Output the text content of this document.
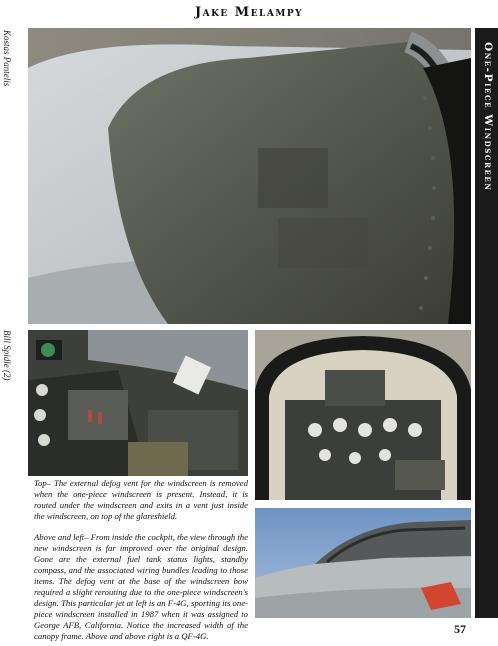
Jake Melampy
One-Piece Windscreen
Kostas Pantelis
Bill Spidle (2)
Top– The external defog vent for the windscreen is removed when the one-piece windscreen is present. Instead, it is routed under the windscreen and exits in a vent just inside the windscreen, on top of the glareshield.
Above and left– From inside the cockpit, the view through the new windscreen is far improved over the original design. Gone are the external fuel tank status lights, standby compass, and the associated wiring bundles leading to those items. The defog vent at the base of the windscreen bow required a slight rerouting due to the one-piece windscreen's design. This particular jet at left is an F-4G, sporting its one-piece windscreen installed in 1987 when it was assigned to George AFB, California. Notice the increased width of the canopy frame. Above and above right is a QF-4G.	57
